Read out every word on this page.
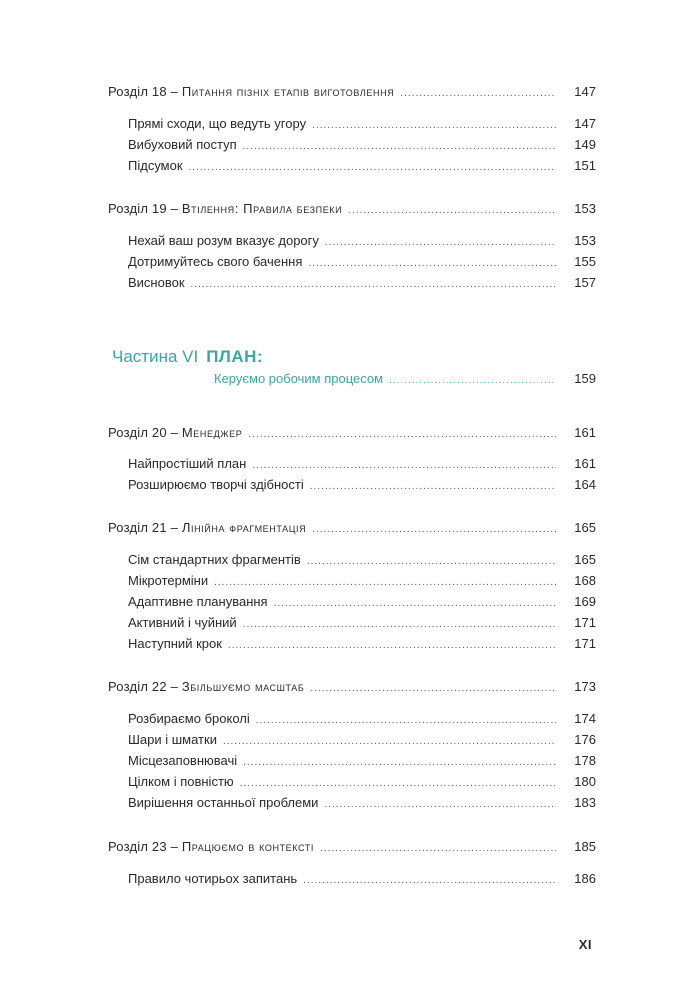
Розділ 18 – Питання пізніх етапів виготовлення .....	147
Прямі сходи, що ведуть угору .....	147
Вибуховий поступ .....	149
Підсумок .....	151
Розділ 19 – Втілення: Правила безпеки .....	153
Нехай ваш розум вказує дорогу .....	153
Дотримуйтесь свого бачення .....	155
Висновок .....	157
Частина VI ПЛАН:
Керуємо робочим процесом .....	159
Розділ 20 – Менеджер .....	161
Найпростіший план .....	161
Розширюємо творчі здібності .....	164
Розділ 21 – Лінійна фрагментація .....	165
Сім стандартних фрагментів .....	165
Мікротерміни .....	168
Адаптивне планування .....	169
Активний і чуйний .....	171
Наступний крок .....	171
Розділ 22 – Збільшуємо масштаб .....	173
Розбираємо броколі .....	174
Шари і шматки .....	176
Місцезаповнювачі .....	178
Цілком і повністю .....	180
Вирішення останньої проблеми .....	183
Розділ 23 – Працюємо в контексті .....	185
Правило чотирьох запитань .....	186
XI
